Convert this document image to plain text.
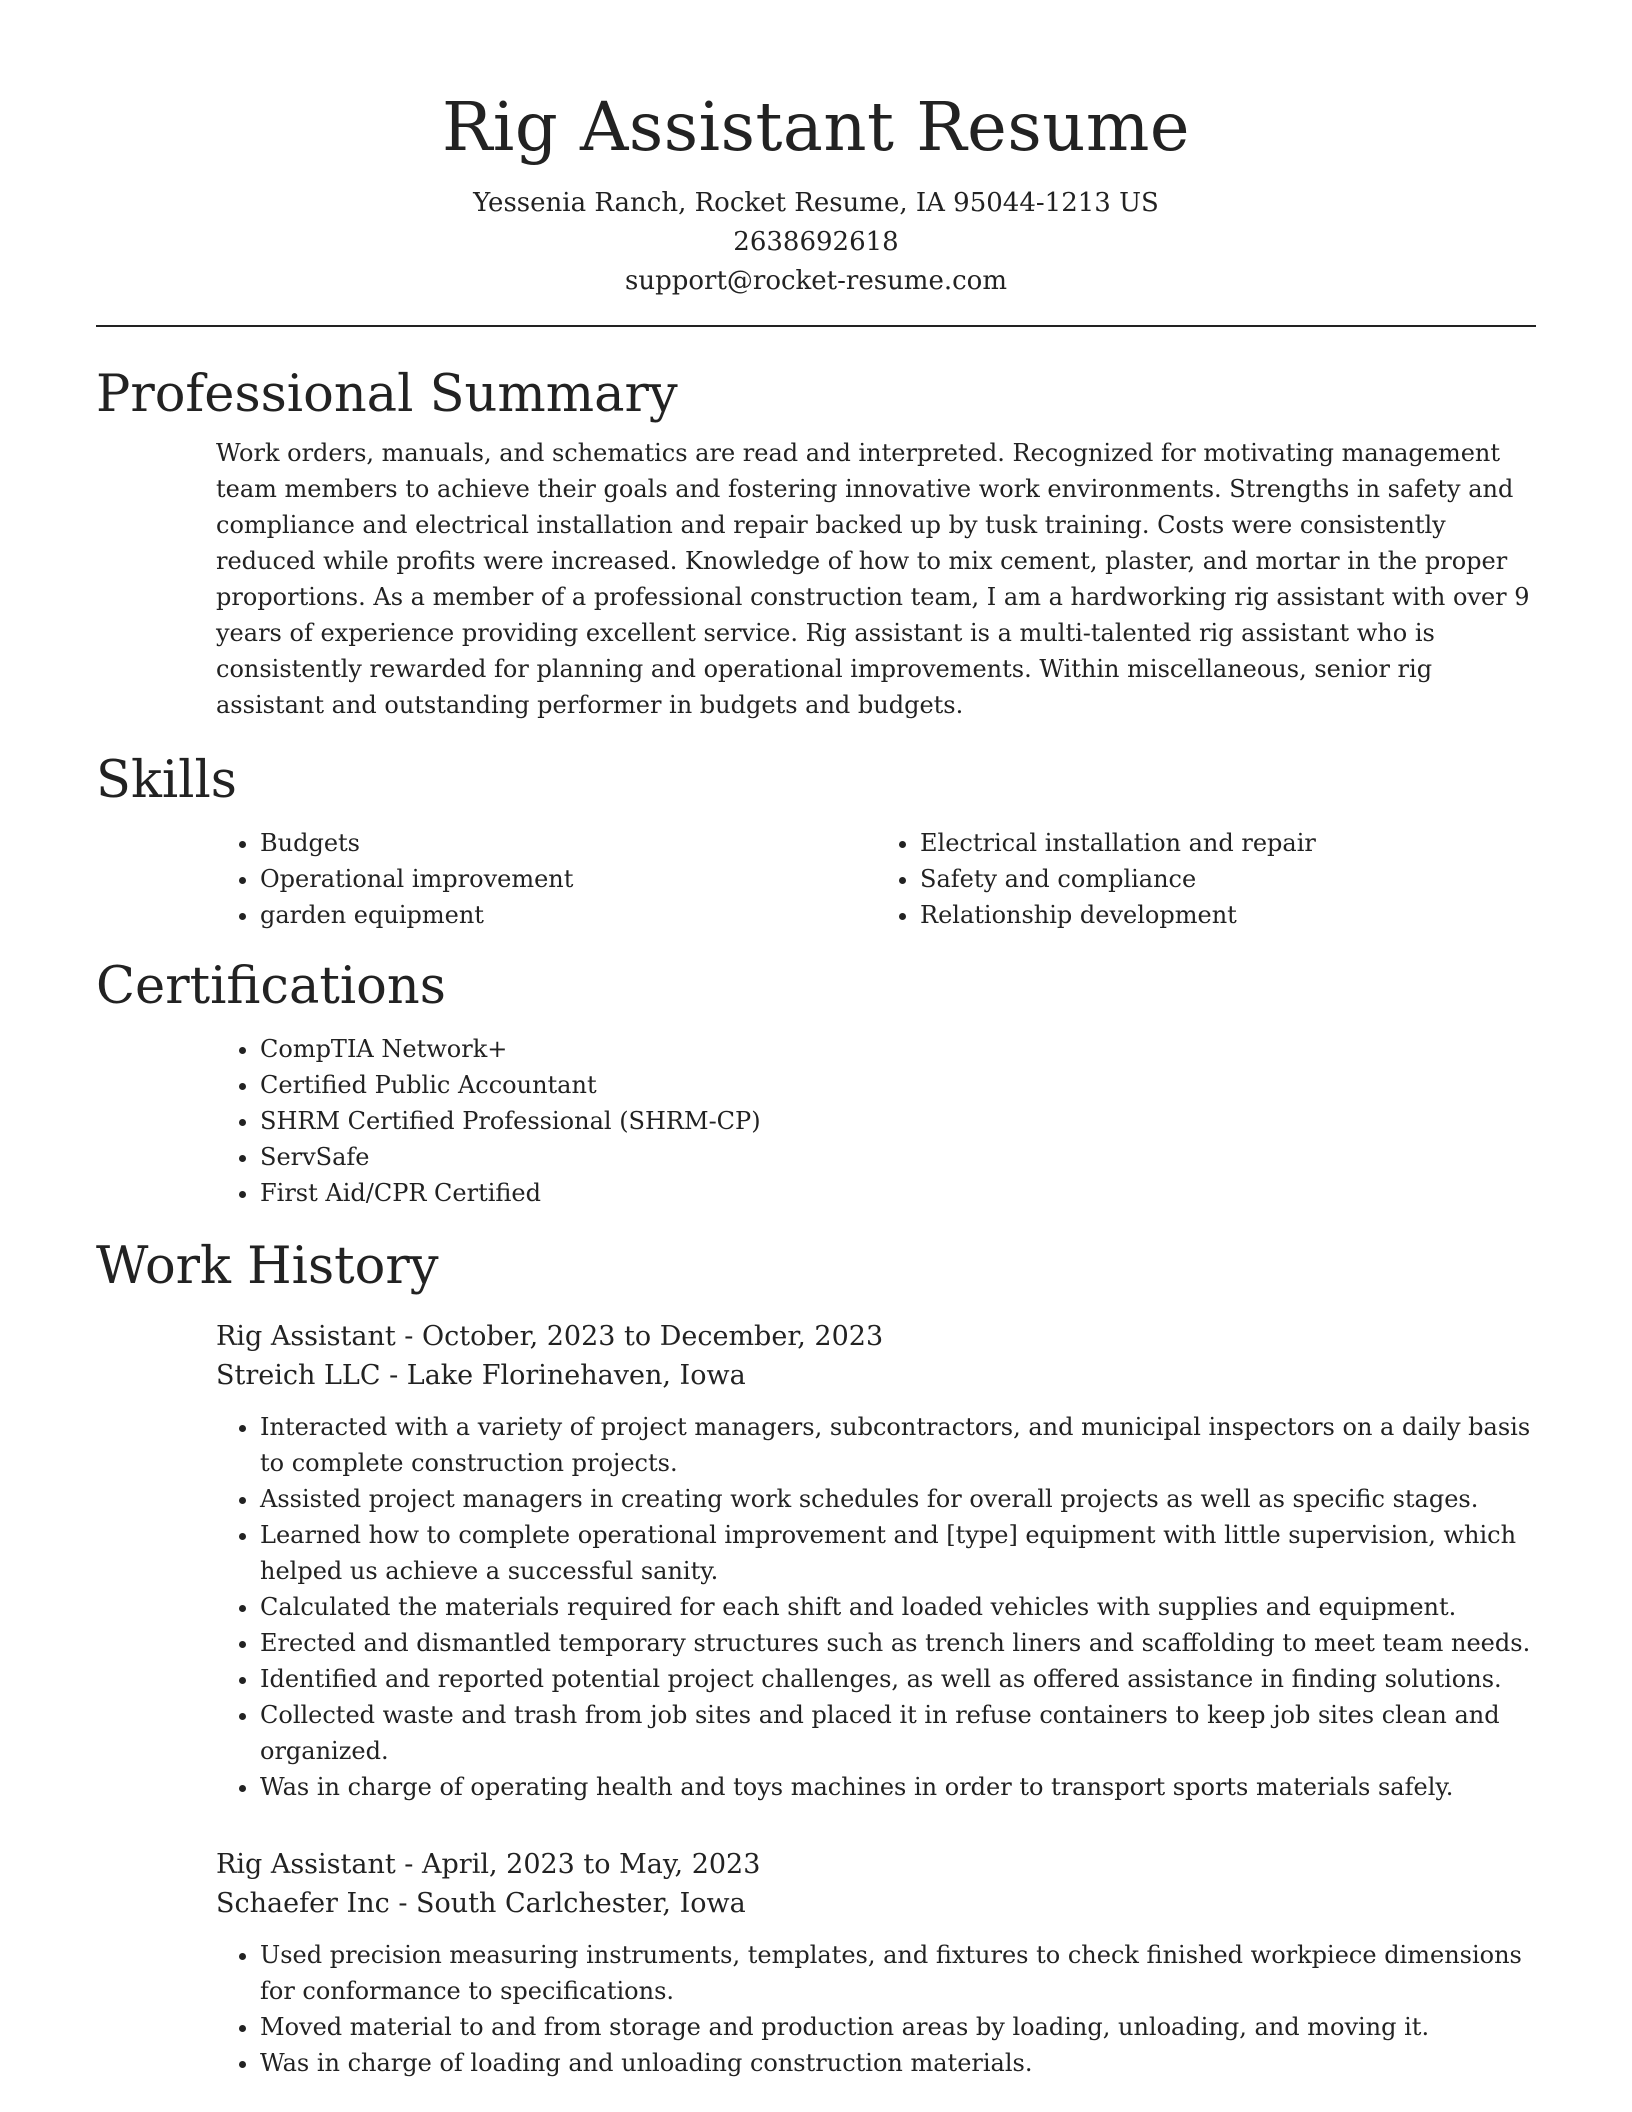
Rig Assistant Resume
Yessenia Ranch, Rocket Resume, IA 95044-1213 US
2638692618
support@rocket-resume.com
Professional Summary

Work orders, manuals, and schematics are read and interpreted. Recognized for motivating management team members to achieve their goals and fostering innovative work environments. Strengths in safety and compliance and electrical installation and repair backed up by tusk training. Costs were consistently reduced while profits were increased. Knowledge of how to mix cement, plaster, and mortar in the proper proportions. As a member of a professional construction team, I am a hardworking rig assistant with over 9 years of experience providing excellent service. Rig assistant is a multi-talented rig assistant who is consistently rewarded for planning and operational improvements. Within miscellaneous, senior rig assistant and outstanding performer in budgets and budgets.

Skills
• Budgets
• Operational improvement
• garden equipment
• Electrical installation and repair
• Safety and compliance
• Relationship development
Certifications
• CompTIA Network+
• Certified Public Accountant
• SHRM Certified Professional (SHRM-CP)
• ServSafe
• First Aid/CPR Certified
Work History
Rig Assistant - October, 2023 to December, 2023
Streich LLC - Lake Florinehaven, Iowa
• Interacted with a variety of project managers, subcontractors, and municipal inspectors on a daily basis to complete construction projects.
• Assisted project managers in creating work schedules for overall projects as well as specific stages.
• Learned how to complete operational improvement and [type] equipment with little supervision, which helped us achieve a successful sanity.
• Calculated the materials required for each shift and loaded vehicles with supplies and equipment.
• Erected and dismantled temporary structures such as trench liners and scaffolding to meet team needs.
• Identified and reported potential project challenges, as well as offered assistance in finding solutions.
• Collected waste and trash from job sites and placed it in refuse containers to keep job sites clean and organized.
• Was in charge of operating health and toys machines in order to transport sports materials safely.
Rig Assistant - April, 2023 to May, 2023
Schaefer Inc - South Carlchester, Iowa
• Used precision measuring instruments, templates, and fixtures to check finished workpiece dimensions for conformance to specifications.
• Moved material to and from storage and production areas by loading, unloading, and moving it.
• Was in charge of loading and unloading construction materials.
